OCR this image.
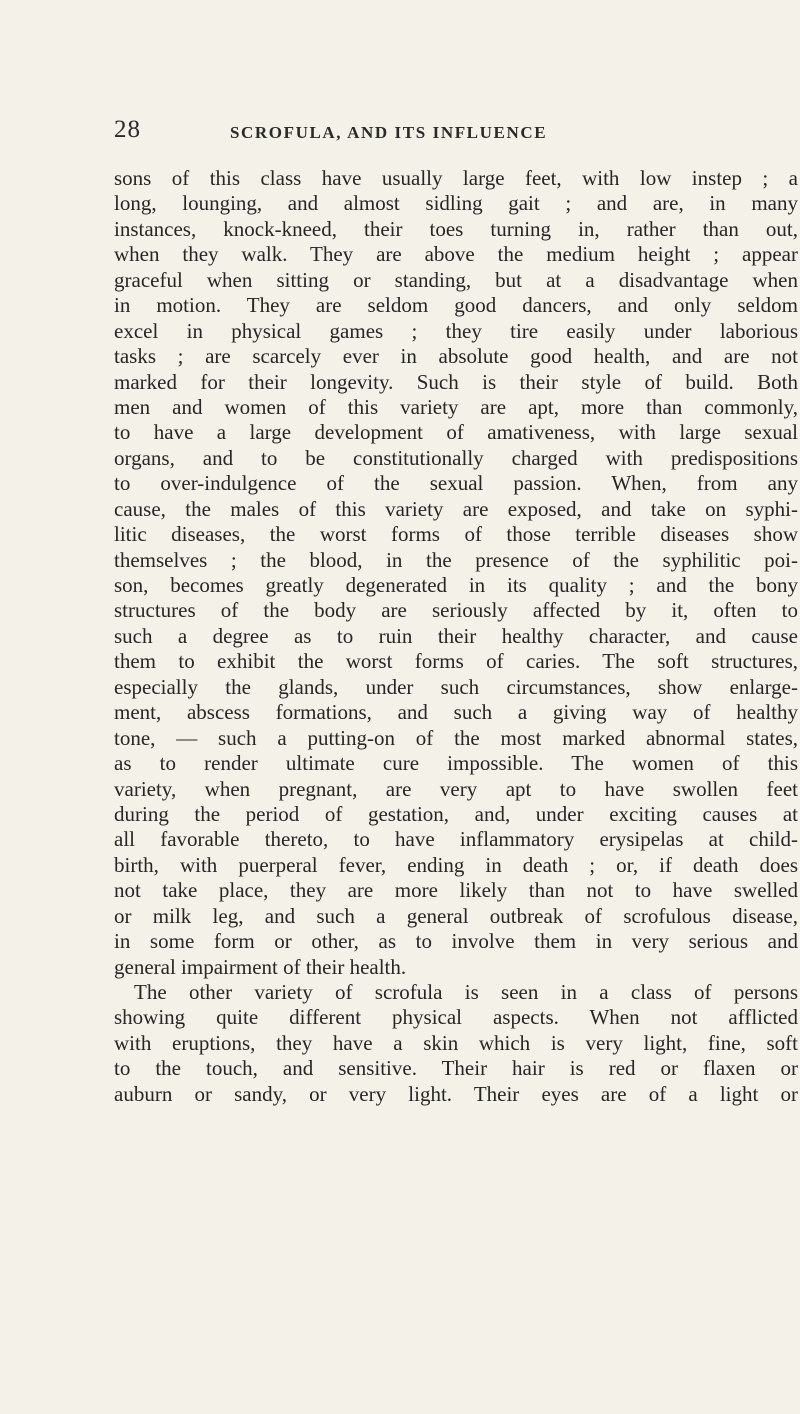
28	SCROFULA, AND ITS INFLUENCE
sons of this class have usually large feet, with low instep ; a
long, lounging, and almost sidling gait ; and are, in many
instances, knock-kneed, their toes turning in, rather than out,
when they walk. They are above the medium height ; appear
graceful when sitting or standing, but at a disadvantage when
in motion. They are seldom good dancers, and only seldom
excel in physical games ; they tire easily under laborious
tasks ; are scarcely ever in absolute good health, and are not
marked for their longevity. Such is their style of build. Both
men and women of this variety are apt, more than commonly,
to have a large development of amativeness, with large sexual
organs, and to be constitutionally charged with predispositions
to over-indulgence of the sexual passion. When, from any
cause, the males of this variety are exposed, and take on syphi-
litic diseases, the worst forms of those terrible diseases show
themselves ; the blood, in the presence of the syphilitic poi-
son, becomes greatly degenerated in its quality ; and the bony
structures of the body are seriously affected by it, often to
such a degree as to ruin their healthy character, and cause
them to exhibit the worst forms of caries. The soft structures,
especially the glands, under such circumstances, show enlarge-
ment, abscess formations, and such a giving way of healthy
tone, — such a putting-on of the most marked abnormal states,
as to render ultimate cure impossible. The women of this
variety, when pregnant, are very apt to have swollen feet
during the period of gestation, and, under exciting causes at
all favorable thereto, to have inflammatory erysipelas at child-
birth, with puerperal fever, ending in death ; or, if death does
not take place, they are more likely than not to have swelled
or milk leg, and such a general outbreak of scrofulous disease,
in some form or other, as to involve them in very serious and
general impairment of their health.
The other variety of scrofula is seen in a class of persons
showing quite different physical aspects. When not afflicted
with eruptions, they have a skin which is very light, fine, soft
to the touch, and sensitive. Their hair is red or flaxen or
auburn or sandy, or very light. Their eyes are of a light or
